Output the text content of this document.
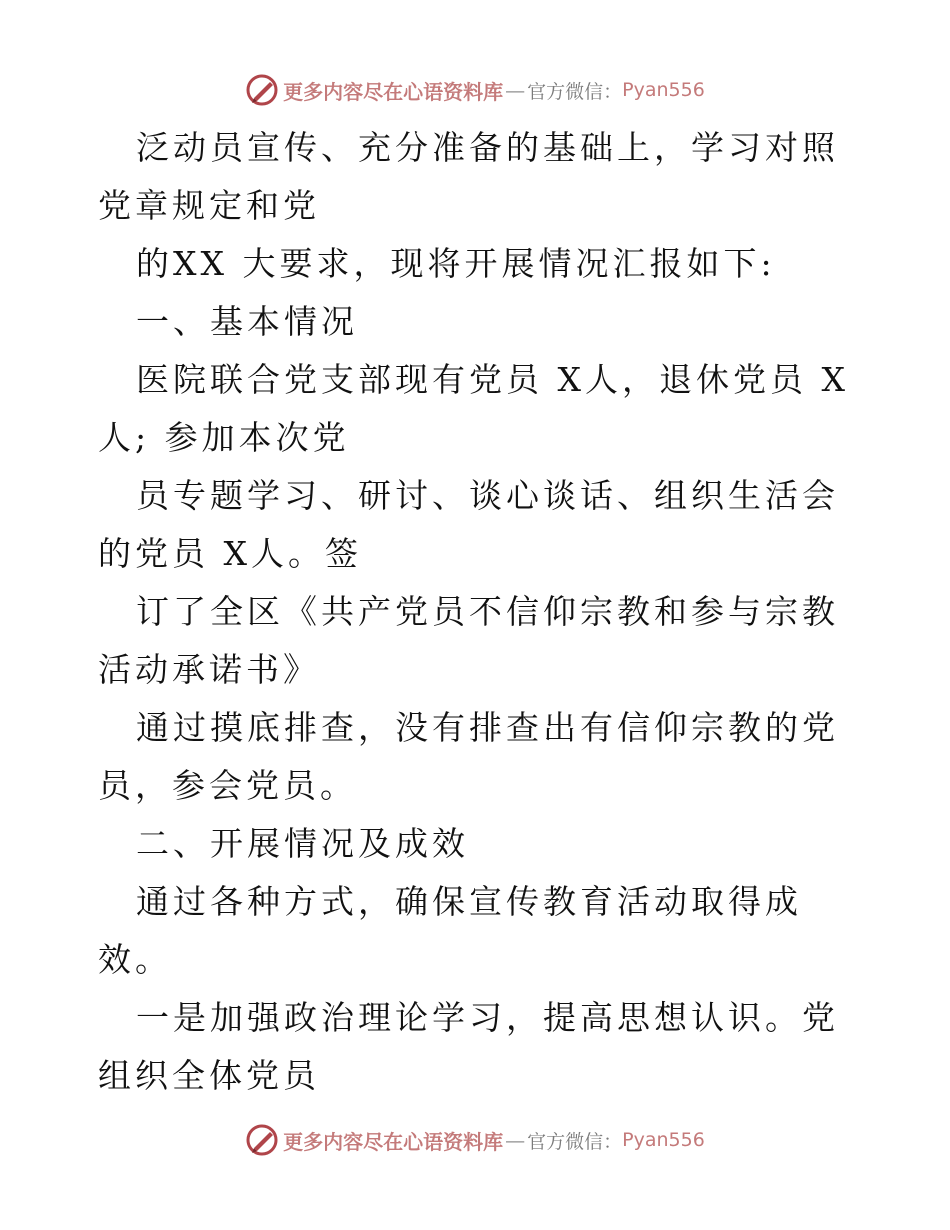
更多内容尽在心语资料库 — 官方微信： Pyan556

泛动员宣传、充分准备的基础上，学习对照党章规定和党

的XX 大要求，现将开展情况汇报如下:

一、基本情况

医院联合党支部现有党员 X人，退休党员 X人; 参加本次党

员专题学习、研讨、谈心谈话、组织生活会的党员 X人。签

订了全区《共产党员不信仰宗教和参与宗教活动承诺书》

通过摸底排查，没有排查出有信仰宗教的党员，参会党员。

二、开展情况及成效

通过各种方式，确保宣传教育活动取得成效。

一是加强政治理论学习，提高思想认识。党组织全体党员

更多内容尽在心语资料库 — 官方微信： Pyan556
